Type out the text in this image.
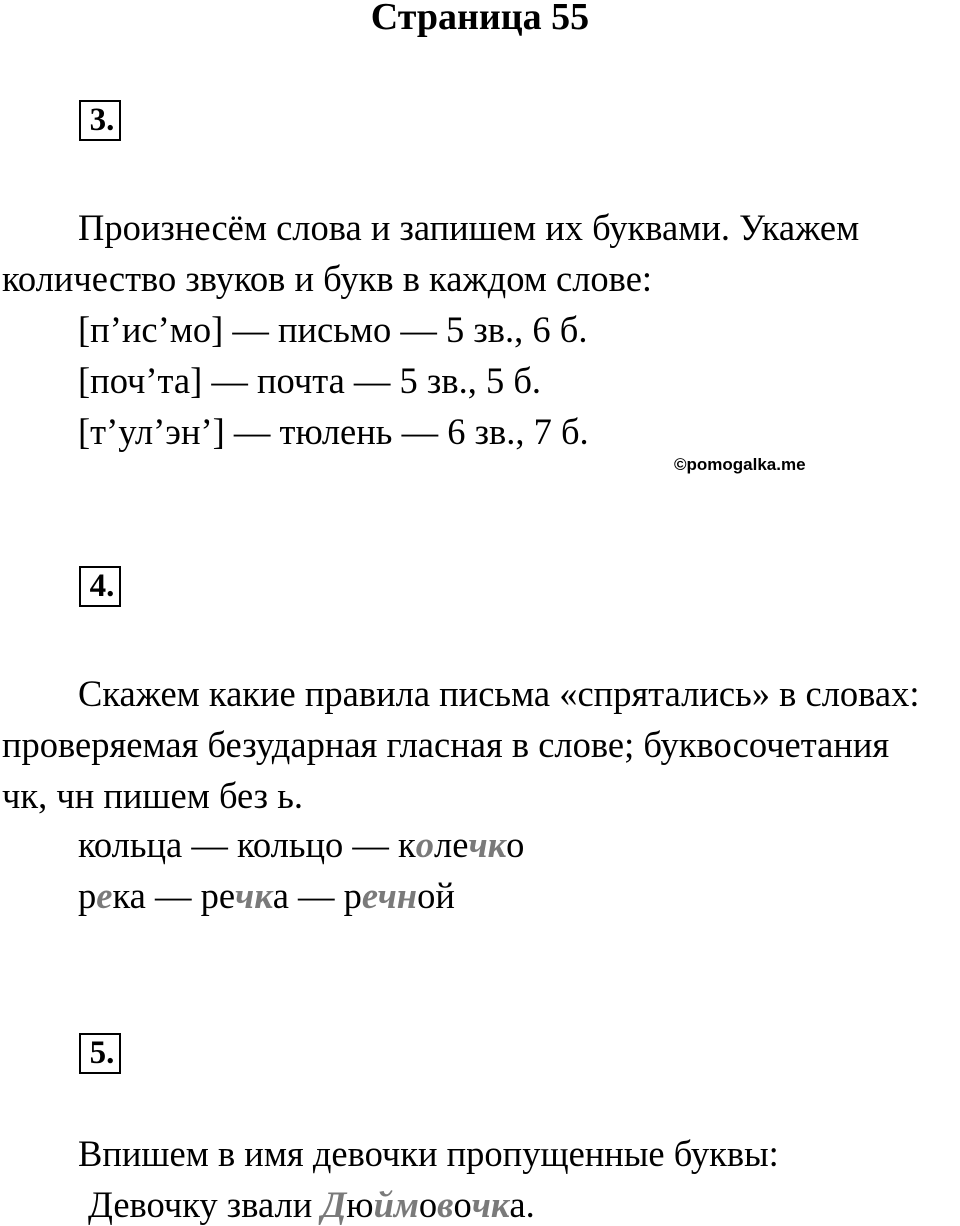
Страница 55
3.
Произнесём слова и запишем их буквами. Укажем
количество звуков и букв в каждом слове:
[п’ис’мо] — письмо — 5 зв., 6 б.
[поч’та] — почта — 5 зв., 5 б.
[т’ул’эн’] — тюлень — 6 зв., 7 б.
©pomogalka.me
4.
Скажем какие правила письма «спрятались» в словах:
проверяемая безударная гласная в слове; буквосочетания
чк, чн пишем без ь.
кольца — кольцо — колечко
река — речка — речной
5.
Впишем в имя девочки пропущенные буквы:
Девочку звали Дюймовочка.
